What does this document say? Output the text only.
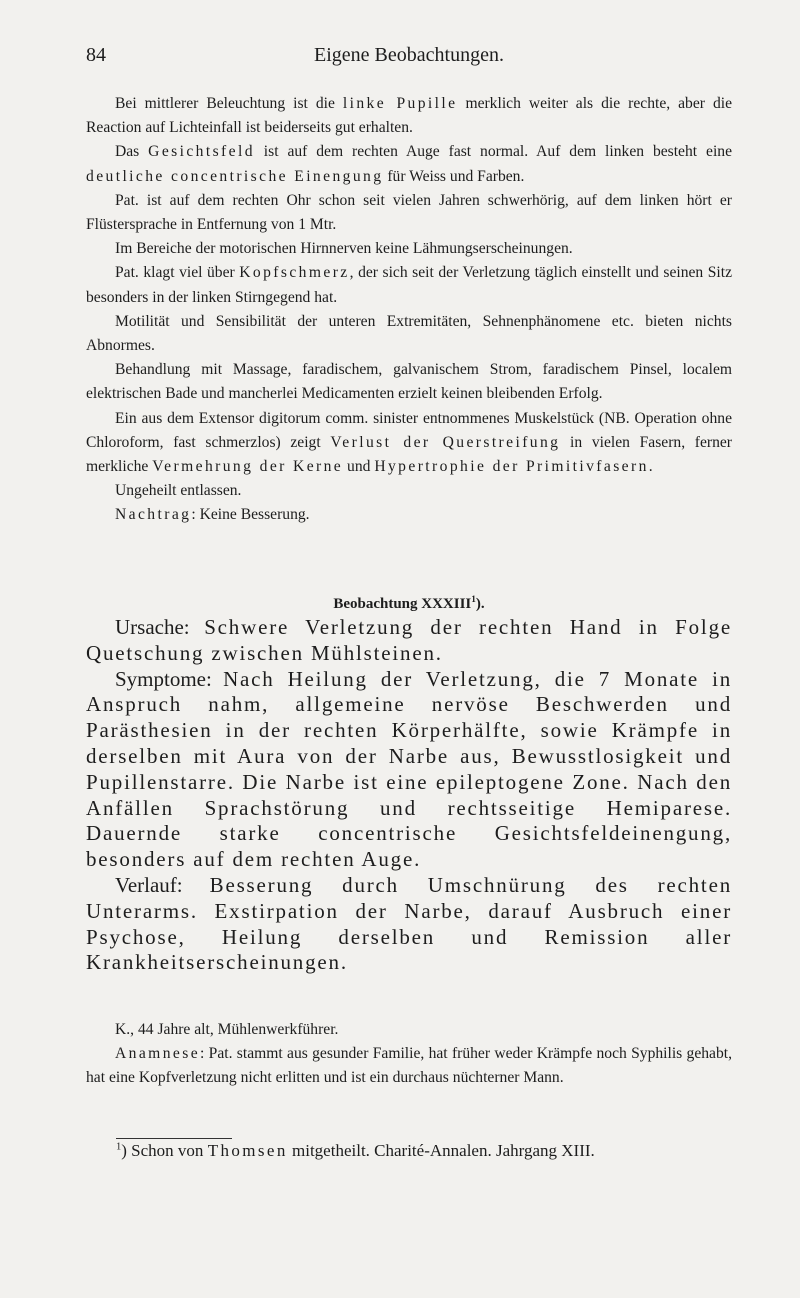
84	Eigene Beobachtungen.

Bei mittlerer Beleuchtung ist die linke Pupille merklich weiter als die rechte, aber die Reaction auf Lichteinfall ist beiderseits gut erhalten.

Das Gesichtsfeld ist auf dem rechten Auge fast normal. Auf dem linken besteht eine deutliche concentrische Einengung für Weiss und Farben.

Pat. ist auf dem rechten Ohr schon seit vielen Jahren schwerhörig, auf dem linken hört er Flüstersprache in Entfernung von 1 Mtr.

Im Bereiche der motorischen Hirnnerven keine Lähmungserscheinungen.

Pat. klagt viel über Kopfschmerz, der sich seit der Verletzung täglich einstellt und seinen Sitz besonders in der linken Stirngegend hat.

Motilität und Sensibilität der unteren Extremitäten, Sehnenphänomene etc. bieten nichts Abnormes.

Behandlung mit Massage, faradischem, galvanischem Strom, faradischem Pinsel, localem elektrischen Bade und mancherlei Medicamenten erzielt keinen bleibenden Erfolg.

Ein aus dem Extensor digitorum comm. sinister entnommenes Muskelstück (NB. Operation ohne Chloroform, fast schmerzlos) zeigt Verlust der Querstreifung in vielen Fasern, ferner merkliche Vermehrung der Kerne und Hypertrophie der Primitivfasern.

Ungeheilt entlassen.

Nachtrag: Keine Besserung.

Beobachtung XXXIII$^1$).

Ursache: Schwere Verletzung der rechten Hand in Folge Quetschung zwischen Mühlsteinen.

Symptome: Nach Heilung der Verletzung, die 7 Monate in Anspruch nahm, allgemeine nervöse Beschwerden und Parästhesien in der rechten Körperhälfte, sowie Krämpfe in derselben mit Aura von der Narbe aus, Bewusstlosigkeit und Pupillenstarre. Die Narbe ist eine epileptogene Zone. Nach den Anfällen Sprachstörung und rechtsseitige Hemiparese. Dauernde starke concentrische Gesichtsfeldeinengung, besonders auf dem rechten Auge.

Verlauf: Besserung durch Umschnürung des rechten Unterarms. Exstirpation der Narbe, darauf Ausbruch einer Psychose, Heilung derselben und Remission aller Krankheitserscheinungen.

K., 44 Jahre alt, Mühlenwerkführer.

Anamnese: Pat. stammt aus gesunder Familie, hat früher weder Krämpfe noch Syphilis gehabt, hat eine Kopfverletzung nicht erlitten und ist ein durchaus nüchterner Mann.

$^1$) Schon von Thomsen mitgetheilt. Charité-Annalen. Jahrgang XIII.
